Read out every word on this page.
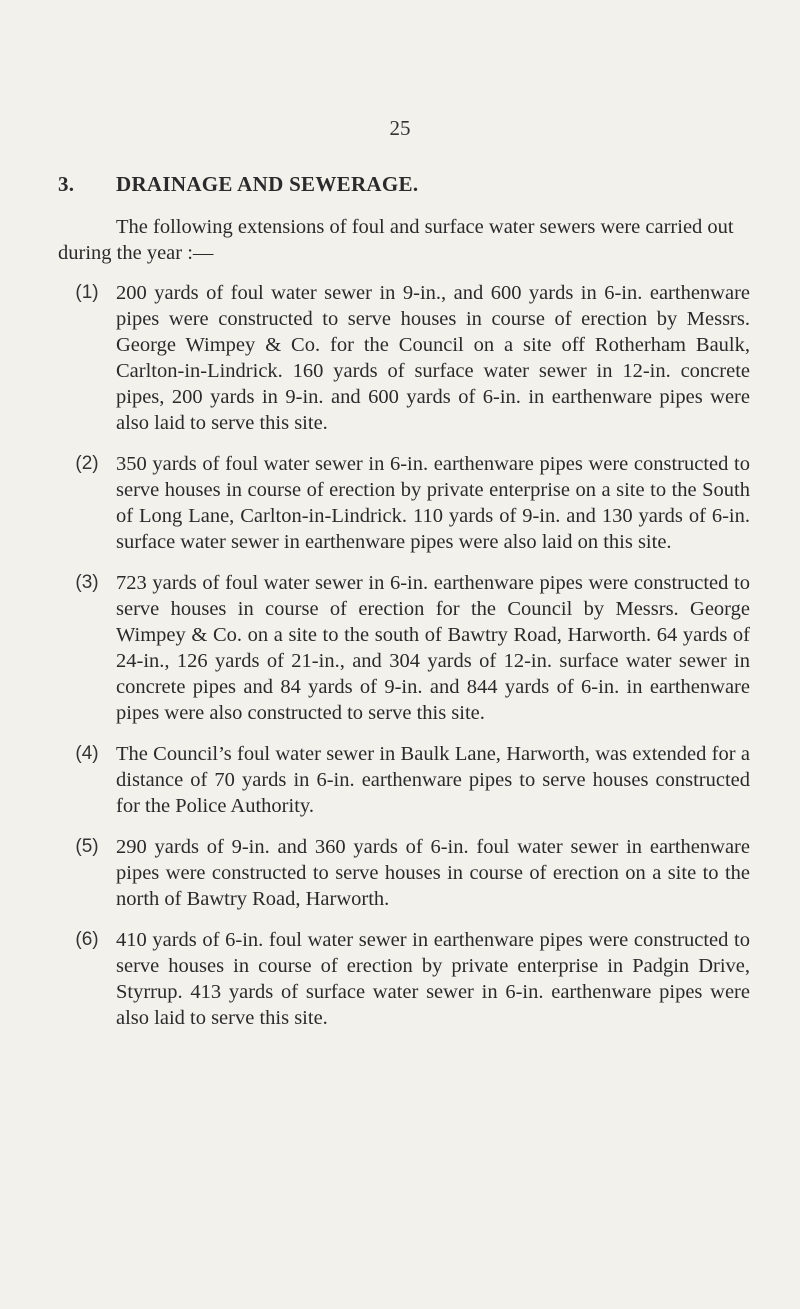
25
3. DRAINAGE AND SEWERAGE.

The following extensions of foul and surface water sewers were carried out during the year :—

(1) 200 yards of foul water sewer in 9-in., and 600 yards in 6-in. earthenware pipes were constructed to serve houses in course of erection by Messrs. George Wimpey & Co. for the Council on a site off Rotherham Baulk, Carlton-in-Lindrick. 160 yards of surface water sewer in 12-in. concrete pipes, 200 yards in 9-in. and 600 yards of 6-in. in earthenware pipes were also laid to serve this site.

(2) 350 yards of foul water sewer in 6-in. earthenware pipes were constructed to serve houses in course of erection by private enterprise on a site to the South of Long Lane, Carlton-in-Lindrick. 110 yards of 9-in. and 130 yards of 6-in. surface water sewer in earthenware pipes were also laid on this site.

(3) 723 yards of foul water sewer in 6-in. earthenware pipes were constructed to serve houses in course of erection for the Council by Messrs. George Wimpey & Co. on a site to the south of Bawtry Road, Harworth. 64 yards of 24-in., 126 yards of 21-in., and 304 yards of 12-in. surface water sewer in concrete pipes and 84 yards of 9-in. and 844 yards of 6-in. in earthenware pipes were also constructed to serve this site.

(4) The Council’s foul water sewer in Baulk Lane, Harworth, was extended for a distance of 70 yards in 6-in. earthenware pipes to serve houses constructed for the Police Authority.

(5) 290 yards of 9-in. and 360 yards of 6-in. foul water sewer in earthenware pipes were constructed to serve houses in course of erection on a site to the north of Bawtry Road, Harworth.

(6) 410 yards of 6-in. foul water sewer in earthenware pipes were constructed to serve houses in course of erection by private enterprise in Padgin Drive, Styrrup. 413 yards of surface water sewer in 6-in. earthenware pipes were also laid to serve this site.
